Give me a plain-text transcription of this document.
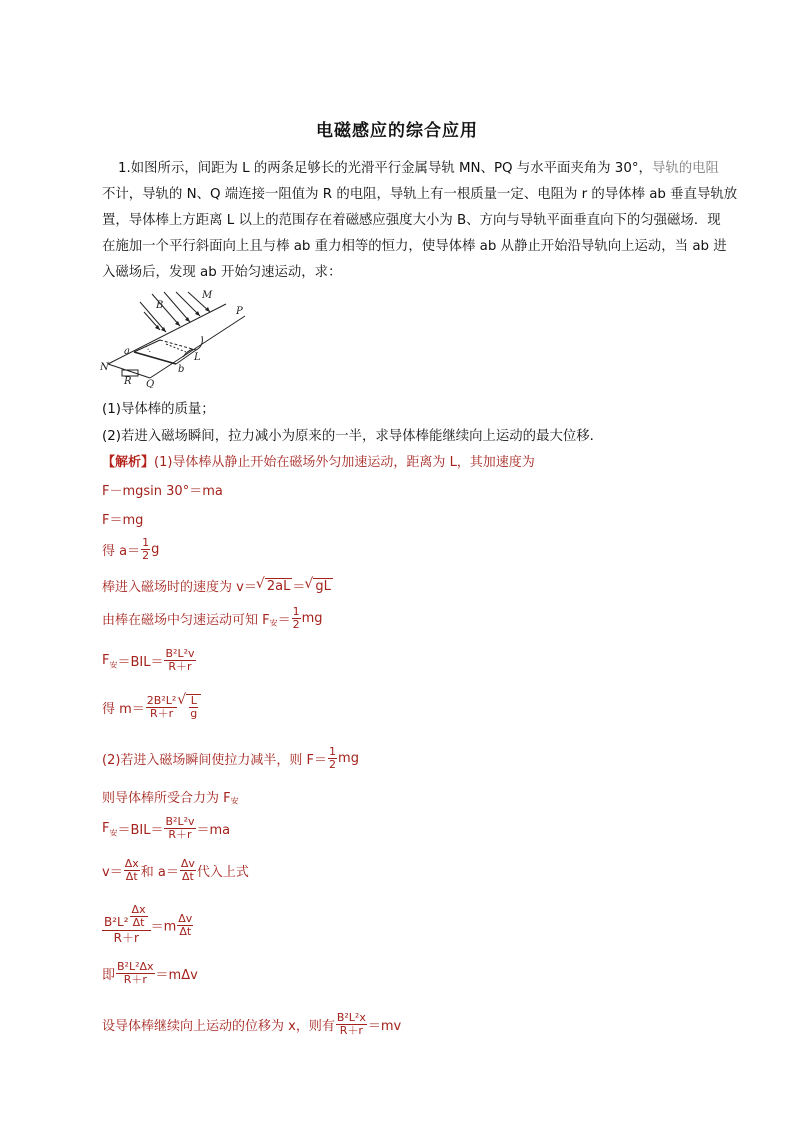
电磁感应的综合应用
1.如图所示，间距为 L 的两条足够长的光滑平行金属导轨 MN、PQ 与水平面夹角为 30°，导轨的电阻
不计，导轨的 N、Q 端连接一阻值为 R 的电阻，导轨上有一根质量一定、电阻为 r 的导体棒 ab 垂直导轨放
置，导体棒上方距离 L 以上的范围存在着磁感应强度大小为 B、方向与导轨平面垂直向下的匀强磁场．现
在施加一个平行斜面向上且与棒 ab 重力相等的恒力，使导体棒 ab 从静止开始沿导轨向上运动，当 ab 进
入磁场后，发现 ab 开始匀速运动，求：
B
M
P
a
b
L
N
R Q
(1)导体棒的质量；
(2)若进入磁场瞬间，拉力减小为原来的一半，求导体棒能继续向上运动的最大位移．
【解析】(1)导体棒从静止开始在磁场外匀加速运动，距离为 L，其加速度为
F－mgsin 30°＝ma
F＝mg
得 $a= \frac{1}{2}$ g
棒进入磁场时的速度为 v＝ √ 2aL ＝ √ gL
由棒在磁场中匀速运动可知 $F_安= \frac{1}{2}$ mg
$F_安=BIL= \frac{\text{B²L²v}}{R+r}$
得 $m= \frac{\text{2B²L²}}{R+r}$ √ $\frac{L}{g}$
(2)若进入磁场瞬间使拉力减半，则 $F= \frac{1}{2}$ mg
则导体棒所受合力为 $F_安$
$F_安=BIL= \frac{\text{B²L²v}}{R+r} =ma$
$v= \frac{\Delta x}{\Delta t}$ 和 $a= \frac{\Delta v}{\Delta t}$ 代入上式
$\frac{B^2L^2 \frac{\Delta x}{\Delta t}}{R+r} =m \frac{\Delta v}{\Delta t}$
即 $\frac{\text{B²L²Δx}}{R+r} =m\Delta v$
设导体棒继续向上运动的位移为 x，则有 $\frac{\text{B²L²x}}{R+r} =mv$
